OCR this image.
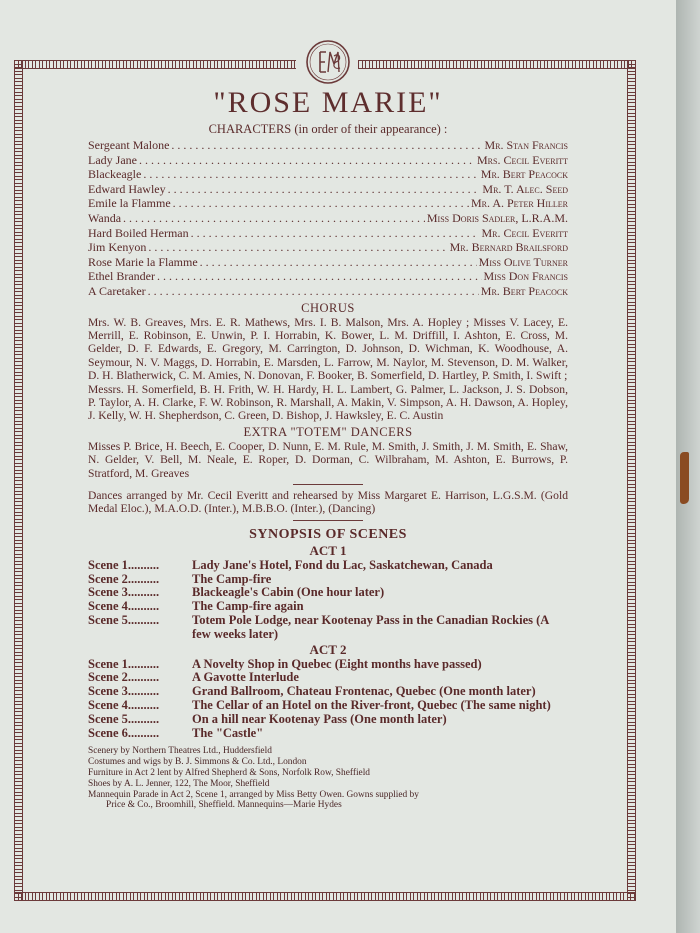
"ROSE MARIE"

CHARACTERS (in order of their appearance) :

Sergeant Malone . . .	Mr. Stan Francis
Lady Jane . . .	Mrs. Cecil Everitt
Blackeagle . . .	Mr. Bert Peacock
Edward Hawley . . .	Mr. T. Alec. Seed
Emile la Flamme . . .	Mr. A. Peter Hiller
Wanda . . .	Miss Doris Sadler, L.R.A.M.
Hard Boiled Herman . . .	Mr. Cecil Everitt
Jim Kenyon . . .	Mr. Bernard Brailsford
Rose Marie la Flamme . . .	Miss Olive Turner
Ethel Brander . . .	Miss Don Francis
A Caretaker . . .	Mr. Bert Peacock

CHORUS

Mrs. W. B. Greaves, Mrs. E. R. Mathews, Mrs. I. B. Malson, Mrs. A. Hopley ; Misses V. Lacey, E. Merrill, E. Robinson, E. Unwin, P. I. Horrabin, K. Bower, L. M. Driffill, I. Ashton, E. Cross, M. Gelder, D. F. Edwards, E. Gregory, M. Carrington, D. Johnson, D. Wichman, K. Woodhouse, A. Seymour, N. V. Maggs, D. Horrabin, E. Marsden, L. Farrow, M. Naylor, M. Stevenson, D. M. Walker, D. H. Blatherwick, C. M. Amies, N. Donovan, F. Booker, B. Somerfield, D. Hartley, P. Smith, I. Swift ;

Messrs. H. Somerfield, B. H. Frith, W. H. Hardy, H. L. Lambert, G. Palmer, L. Jackson, J. S. Dobson, P. Taylor, A. H. Clarke, F. W. Robinson, R. Marshall, A. Makin, V. Simpson, A. H. Dawson, A. Hopley, J. Kelly, W. H. Shepherdson, C. Green, D. Bishop, J. Hawksley, E. C. Austin

EXTRA "TOTEM" DANCERS

Misses P. Brice, H. Beech, E. Cooper, D. Nunn, E. M. Rule, M. Smith, J. Smith, J. M. Smith, E. Shaw, N. Gelder, V. Bell, M. Neale, E. Roper, D. Dorman, C. Wilbraham, M. Ashton, E. Burrows, P. Stratford, M. Greaves

Dances arranged by Mr. Cecil Everitt and rehearsed by Miss Margaret E. Harrison, L.G.S.M. (Gold Medal Eloc.), M.A.O.D. (Inter.), M.B.B.O. (Inter.), (Dancing)

SYNOPSIS OF SCENES

ACT 1

Scene 1..........	Lady Jane's Hotel, Fond du Lac, Saskatchewan, Canada
Scene 2..........	The Camp-fire
Scene 3..........	Blackeagle's Cabin (One hour later)
Scene 4..........	The Camp-fire again
Scene 5..........	Totem Pole Lodge, near Kootenay Pass in the Canadian Rockies (A few weeks later)

ACT 2

Scene 1..........	A Novelty Shop in Quebec (Eight months have passed)
Scene 2..........	A Gavotte Interlude
Scene 3..........	Grand Ballroom, Chateau Frontenac, Quebec (One month later)
Scene 4..........	The Cellar of an Hotel on the River-front, Quebec (The same night)
Scene 5..........	On a hill near Kootenay Pass (One month later)
Scene 6..........	The "Castle"
Scenery by Northern Theatres Ltd., Huddersfield
Costumes and wigs by B. J. Simmons & Co. Ltd., London
Furniture in Act 2 lent by Alfred Shepherd & Sons, Norfolk Row, Sheffield
Shoes by A. L. Jenner, 122, The Moor, Sheffield
Mannequin Parade in Act 2, Scene 1, arranged by Miss Betty Owen. Gowns supplied by
Price & Co., Broomhill, Sheffield. Mannequins—Marie Hydes
